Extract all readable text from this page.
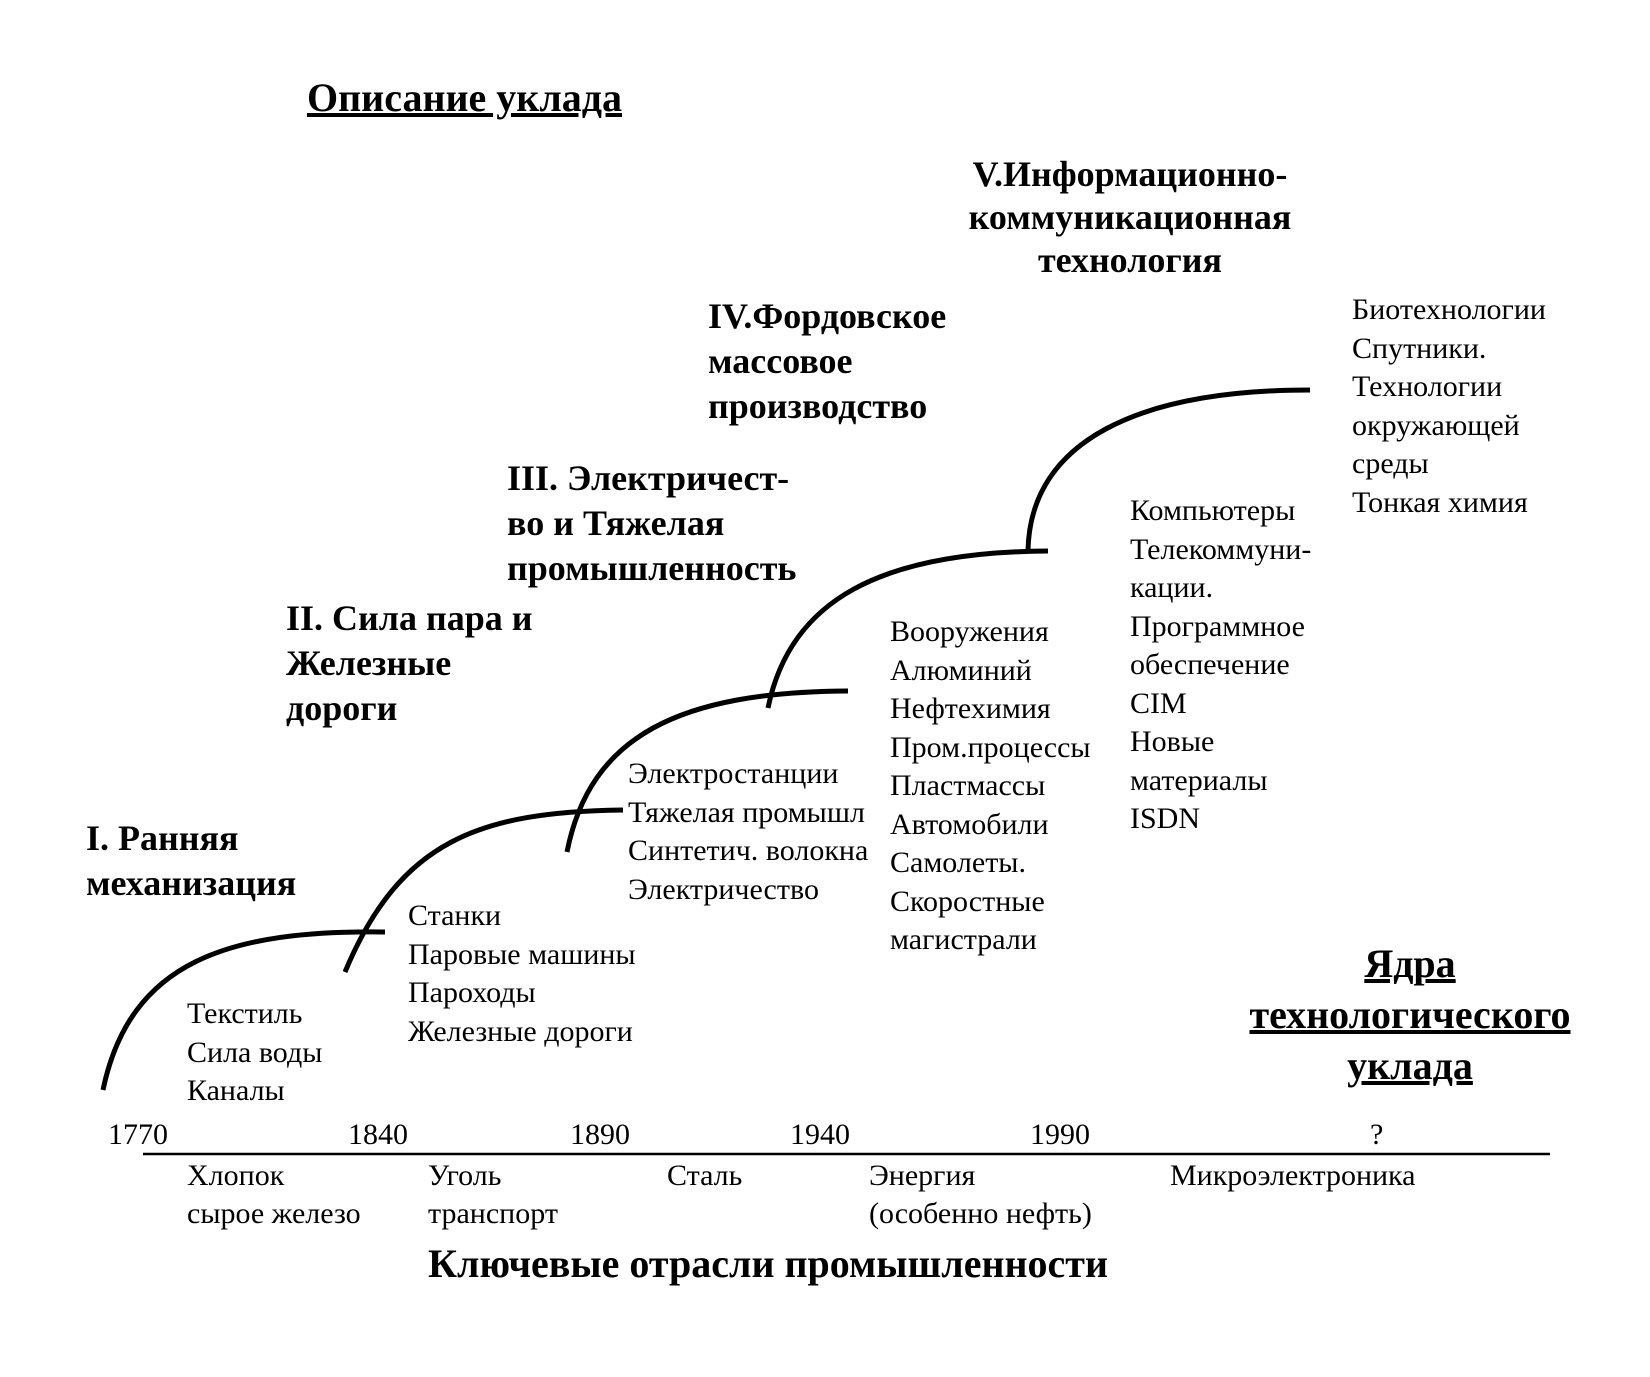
Описание уклада
Ядра
технологического
уклада
Ключевые отрасли промышленности
I. Ранняя
механизация
II. Сила пара и
Железные
дороги
III. Электричест-
во и Тяжелая
промышленность
IV.Фордовское
массовое
производство
V.Информационно-
коммуникационная
технология
Текстиль
Сила воды
Каналы
Станки
Паровые машины
Пароходы
Железные дороги
Электростанции
Тяжелая промышл
Синтетич. волокна
Электричество
Вооружения
Алюминий
Нефтехимия
Пром.процессы
Пластмассы
Автомобили
Самолеты.
Скоростные
магистрали
Компьютеры
Телекоммуни-
кации.
Программное
обеспечение
CIM
Новые
материалы
ISDN
Биотехнологии
Спутники.
Технологии
окружающей
среды
Тонкая химия
1770	1840	1890	1940	1990	?
Хлопок
сырое железо
Уголь
транспорт
Сталь	Энергия
(особенно нефть)
Микроэлектроника
